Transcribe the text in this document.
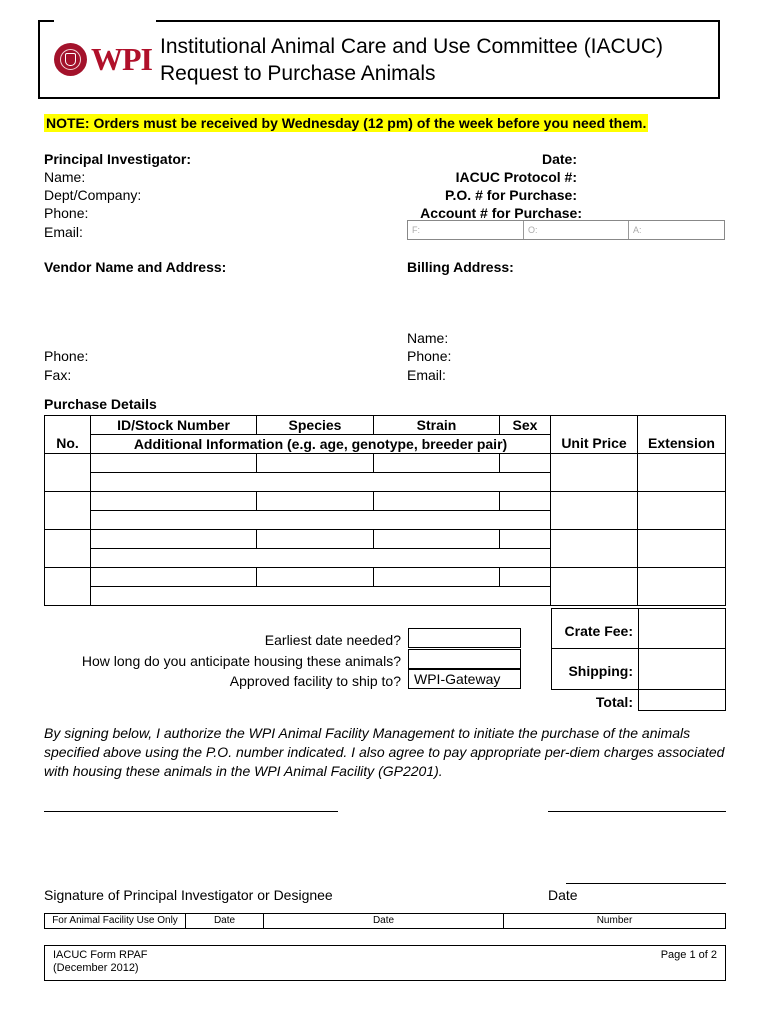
WPI Institutional Animal Care and Use Committee (IACUC)
Request to Purchase Animals
NOTE: Orders must be received by Wednesday (12 pm) of the week before you need them.
Principal Investigator:
Name:
Dept/Company:
Phone:
Email:
Date:
IACUC Protocol #:
P.O. # for Purchase:
Account # for Purchase:
F:	O:	A:
Vendor Name and Address:
Phone:
Fax:
Billing Address:
Name:
Phone:
Email:
Purchase Details
	ID/Stock Number	Species	Strain	Sex		
No.	Additional Information (e.g. age, genotype, breeder pair)				Unit Price	Extension

Earliest date needed?
How long do you anticipate housing these animals?
Approved facility to ship to? WPI-Gateway
Crate Fee:
Shipping:
Total:
By signing below, I authorize the WPI Animal Facility Management to initiate the purchase of the animals specified above using the P.O. number indicated. I also agree to pay appropriate per-diem charges associated with housing these animals in the WPI Animal Facility (GP2201).
Signature of Principal Investigator or Designee	Date
For Animal Facility Use Only	Date	Date	Number
IACUC Form RPAF
(December 2012)
Page 1 of 2
